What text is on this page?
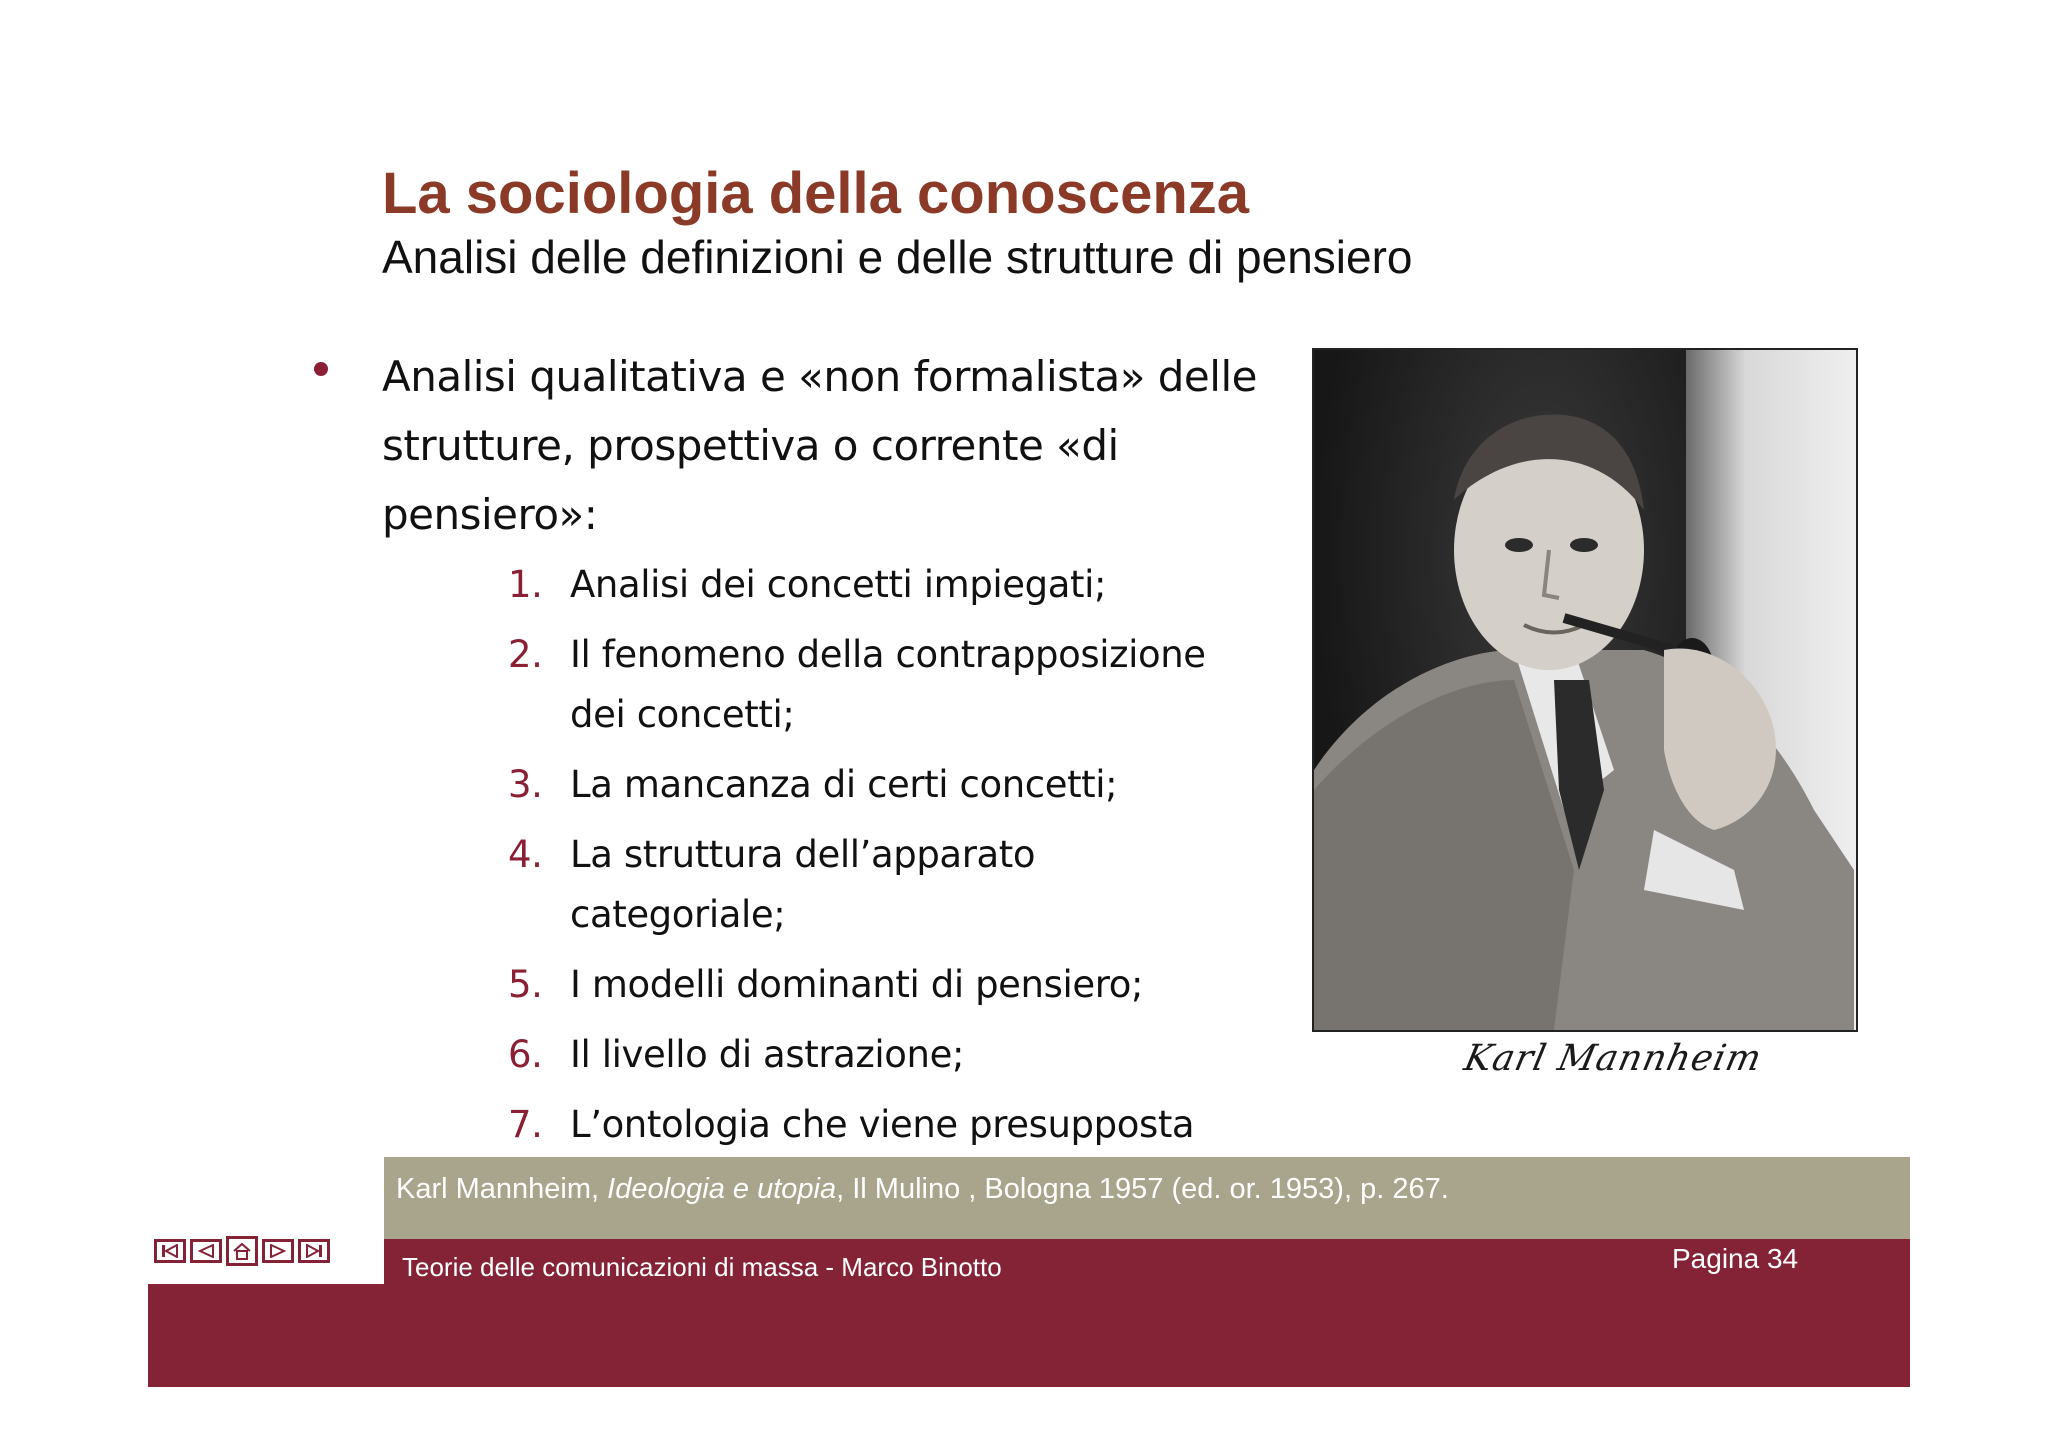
La sociologia della conoscenza
Analisi delle definizioni e delle strutture di pensiero
Analisi qualitativa e «non formalista» delle strutture, prospettiva o corrente «di pensiero»:
1. Analisi dei concetti impiegati;
2. Il fenomeno della contrapposizione dei concetti;
3. La mancanza di certi concetti;
4. La struttura dell’apparato categoriale;
5. I modelli dominanti di pensiero;
6. Il livello di astrazione;
7. L’ontologia che viene presupposta
Karl Mannheim
Karl Mannheim, Ideologia e utopia, Il Mulino , Bologna 1957 (ed. or. 1953), p. 267.
Teorie delle comunicazioni di massa - Marco Binotto	Pagina 34
